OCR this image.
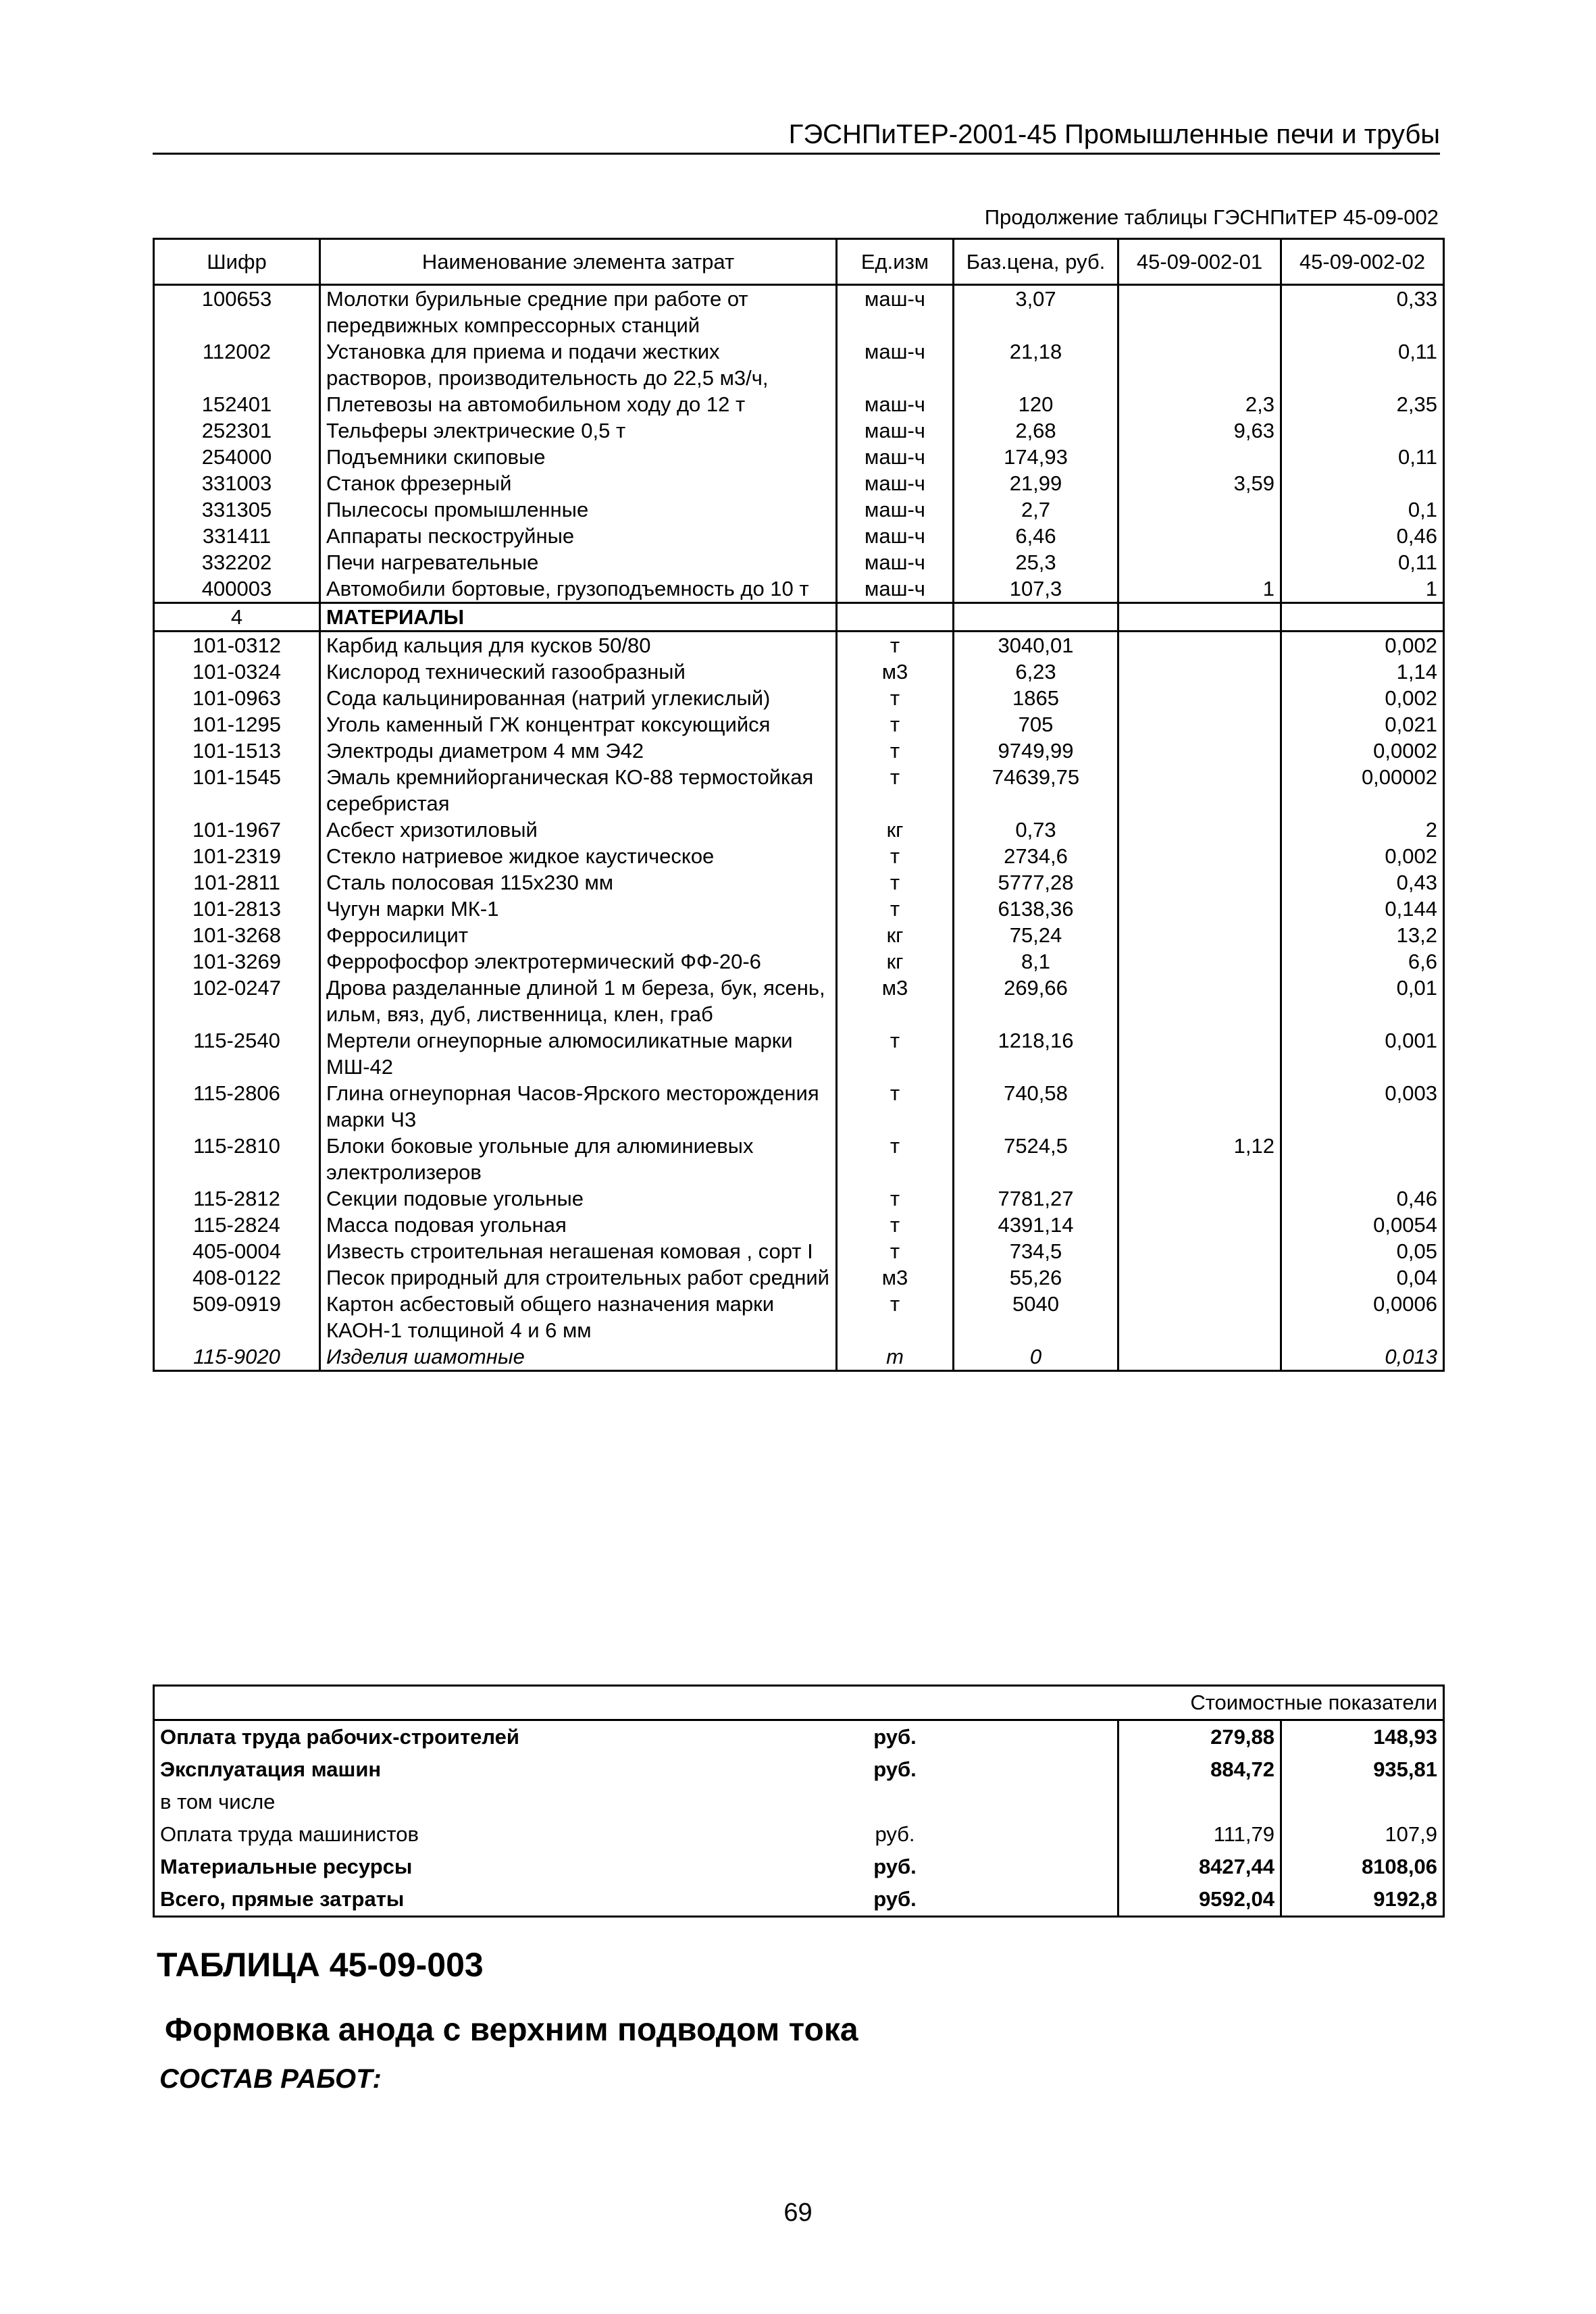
ГЭСНПиТЕР-2001-45 Промышленные печи и трубы
Продолжение таблицы ГЭСНПиТЕР 45-09-002
Шифр	Наименование элемента затрат	Ед.изм	Баз.цена, руб.	45-09-002-01	45-09-002-02
100653	Молотки бурильные средние при работе от передвижных компрессорных станций	маш-ч	3,07		0,33
112002	Установка для приема и подачи жестких растворов, производительность до 22,5 м3/ч,	маш-ч	21,18		0,11
152401	Плетевозы на автомобильном ходу до 12 т	маш-ч	120	2,3	2,35
252301	Тельферы электрические 0,5 т	маш-ч	2,68	9,63	
254000	Подъемники скиповые	маш-ч	174,93		0,11
331003	Станок фрезерный	маш-ч	21,99	3,59	
331305	Пылесосы промышленные	маш-ч	2,7		0,1
331411	Аппараты пескоструйные	маш-ч	6,46		0,46
332202	Печи нагревательные	маш-ч	25,3		0,11
400003	Автомобили бортовые, грузоподъемность до 10 т	маш-ч	107,3	1	1
4	МАТЕРИАЛЫ				
101-0312	Карбид кальция для кусков 50/80	т	3040,01		0,002
101-0324	Кислород технический газообразный	м3	6,23		1,14
101-0963	Сода кальцинированная (натрий углекислый)	т	1865		0,002
101-1295	Уголь каменный ГЖ концентрат коксующийся	т	705		0,021
101-1513	Электроды диаметром 4 мм Э42	т	9749,99		0,0002
101-1545	Эмаль кремнийорганическая КО-88 термостойкая серебристая	т	74639,75		0,00002
101-1967	Асбест хризотиловый	кг	0,73		2
101-2319	Стекло натриевое жидкое каустическое	т	2734,6		0,002
101-2811	Сталь полосовая 115х230 мм	т	5777,28		0,43
101-2813	Чугун марки МК-1	т	6138,36		0,144
101-3268	Ферросилицит	кг	75,24		13,2
101-3269	Феррофосфор электротермический ФФ-20-6	кг	8,1		6,6
102-0247	Дрова разделанные длиной 1 м береза, бук, ясень, ильм, вяз, дуб, лиственница, клен, граб	м3	269,66		0,01
115-2540	Мертели огнеупорные алюмосиликатные марки МШ-42	т	1218,16		0,001
115-2806	Глина огнеупорная Часов-Ярского месторождения марки Ч3	т	740,58		0,003
115-2810	Блоки боковые угольные для алюминиевых электролизеров	т	7524,5	1,12	
115-2812	Секции подовые угольные	т	7781,27		0,46
115-2824	Масса подовая угольная	т	4391,14		0,0054
405-0004	Известь строительная негашеная комовая , сорт I	т	734,5		0,05
408-0122	Песок природный для строительных работ средний	м3	55,26		0,04
509-0919	Картон асбестовый общего назначения марки КАОН-1 толщиной 4 и 6 мм	т	5040		0,0006
115-9020	Изделия шамотные	т	0		0,013
Стоимостные показатели				
Оплата труда рабочих-строителей	руб.		279,88	148,93
Эксплуатация машин	руб.		884,72	935,81
в том числе				
Оплата труда машинистов	руб.		111,79	107,9
Материальные ресурсы	руб.		8427,44	8108,06
Всего, прямые затраты	руб.		9592,04	9192,8
ТАБЛИЦА 45-09-003
Формовка анода с верхним подводом тока
СОСТАВ РАБОТ:
69
